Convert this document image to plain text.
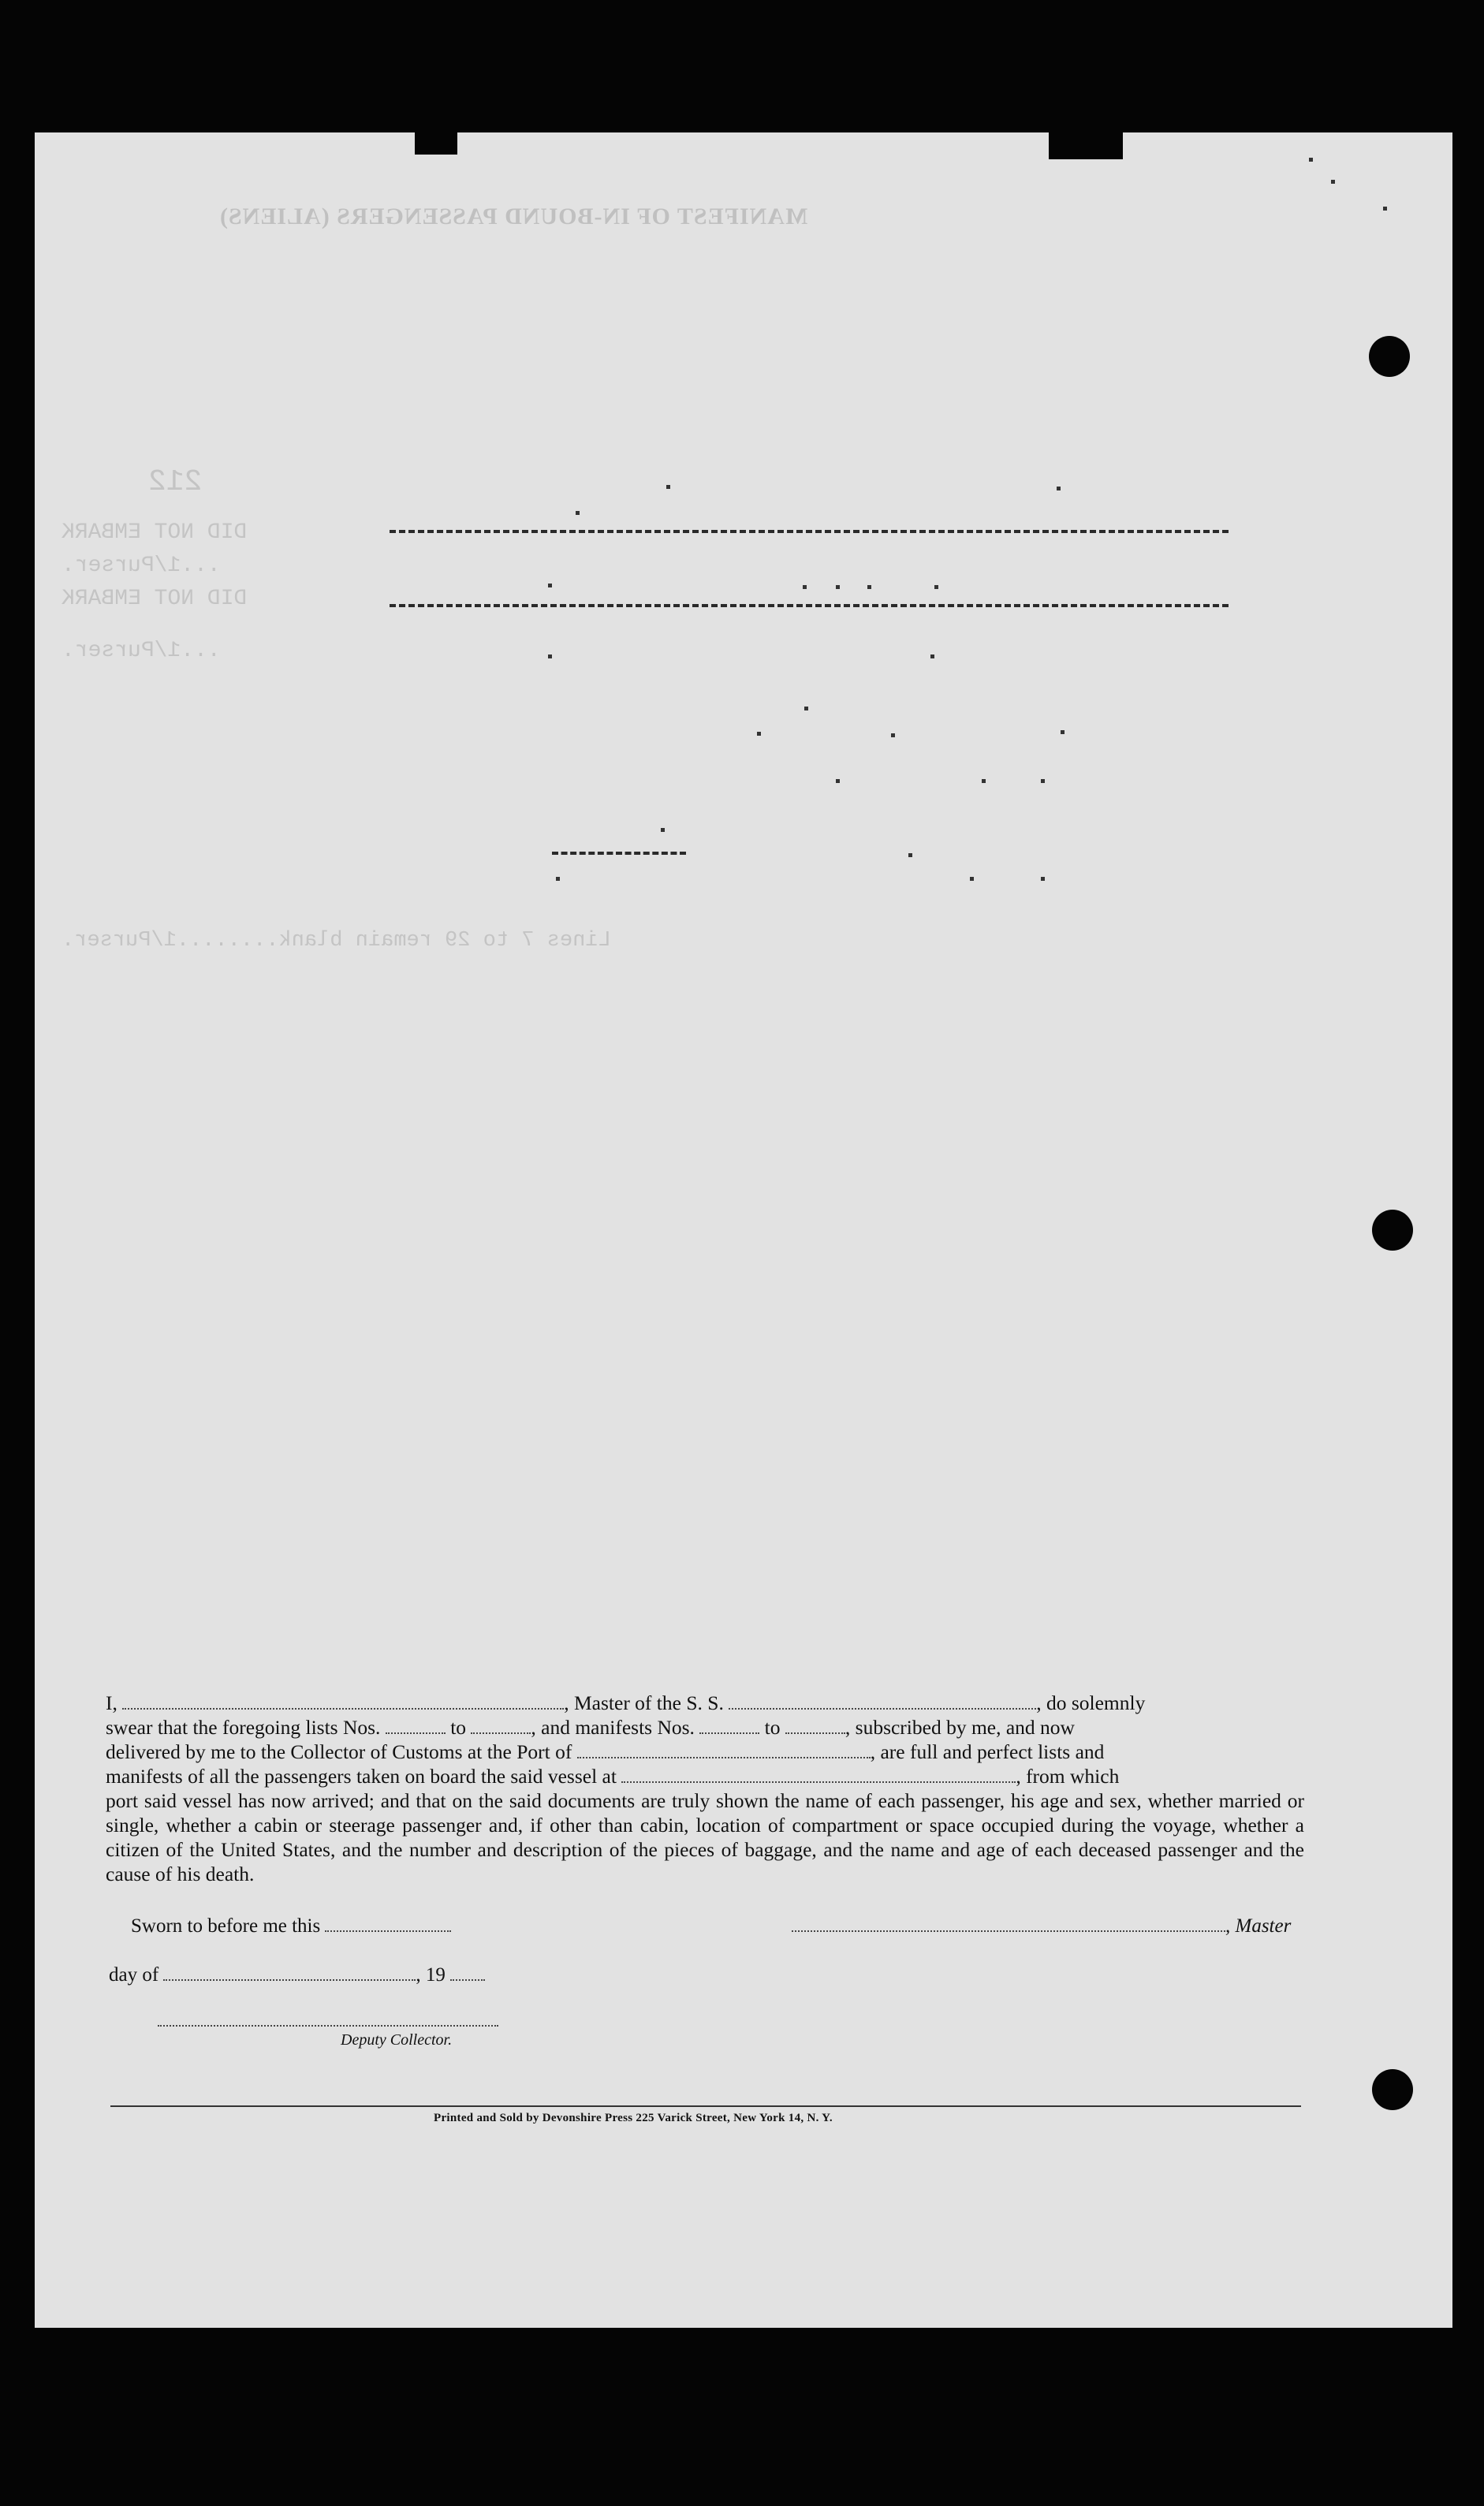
MANIFEST OF IN-BOUND PASSENGERS (ALIENS)
212
DID NOT EMBARK
...1/Purser.
DID NOT EMBARK
...1/Purser.
Lines 7 to 29 remain blank........1/Purser.

I,	, Master of the S. S.	, do solemnly

swear that the foregoing lists Nos.	to	, and manifests Nos.	to	, subscribed by me, and now

delivered by me to the Collector of Customs at the Port of	, are full and perfect lists and

manifests of all the passengers taken on board the said vessel at	, from which

port said vessel has now arrived; and that on the said documents are truly shown the name of each passenger, his age and sex, whether married or single, whether a cabin or steerage passenger and, if other than cabin, location of compartment or space occupied during the voyage, whether a citizen of the United States, and the number and description of the pieces of baggage, and the name and age of each deceased passenger and the cause of his death.

Sworn to before me this	, Master
day of	, 19
Deputy Collector.
Printed and Sold by Devonshire Press 225 Varick Street, New York 14, N. Y.
